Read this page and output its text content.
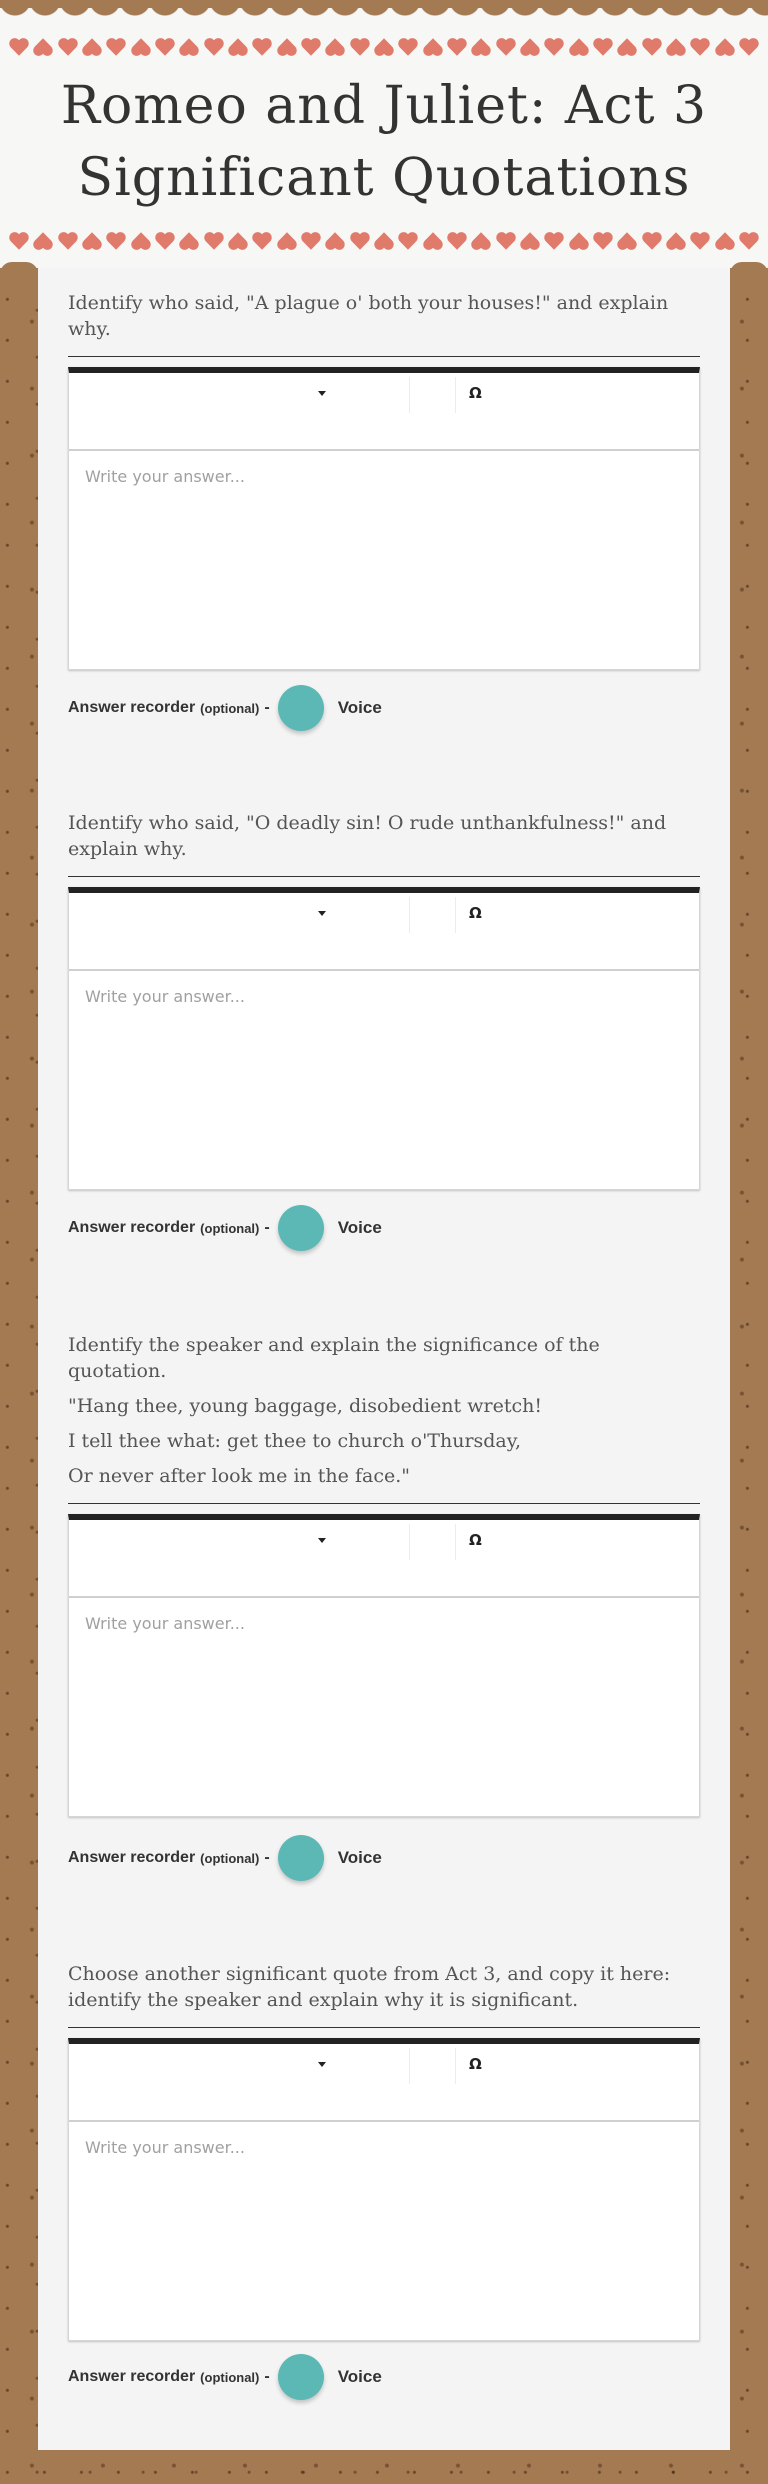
Romeo and Juliet: Act 3
Significant Quotations

Identify who said, "A plague o' both your houses!" and explain why.

Ω
Write your answer...
Answer recorder (optional) -	Voice

Identify who said, "O deadly sin! O rude unthankfulness!" and explain why.

Ω
Write your answer...
Answer recorder (optional) -	Voice

Identify the speaker and explain the significance of the quotation.

"Hang thee, young baggage, disobedient wretch!

I tell thee what: get thee to church o'Thursday,

Or never after look me in the face."

Ω
Write your answer...
Answer recorder (optional) -	Voice

Choose another significant quote from Act 3, and copy it here: identify the speaker and explain why it is significant.

Ω
Write your answer...
Answer recorder (optional) -	Voice
